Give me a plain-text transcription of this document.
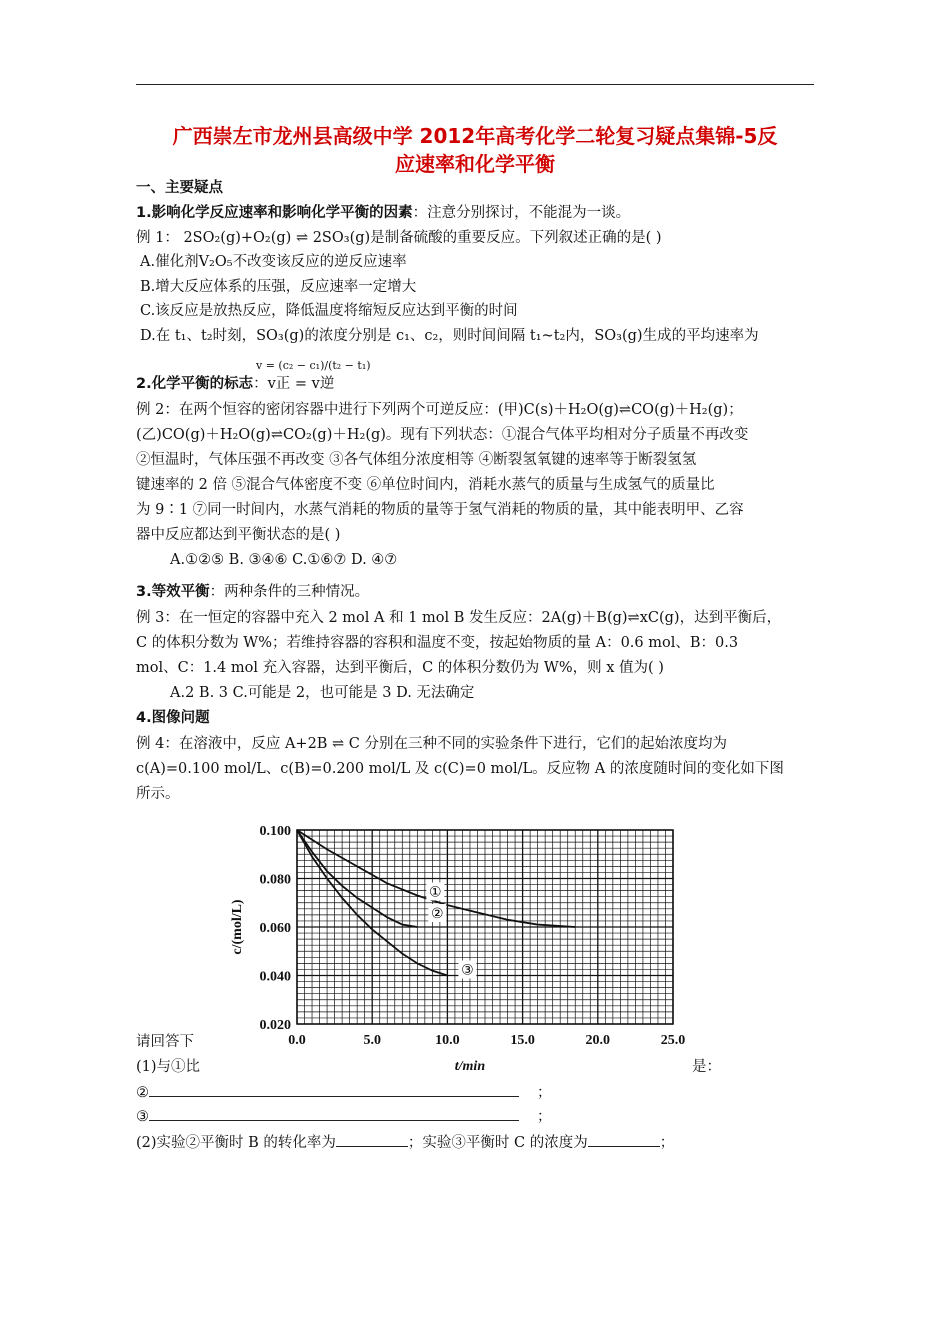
广西崇左市龙州县高级中学 2012年高考化学二轮复习疑点集锦-5反
应速率和化学平衡
一、主要疑点
1.影响化学反应速率和影响化学平衡的因素：注意分别探讨，不能混为一谈。
例 1： 2SO₂(g)+O₂(g) ⇌ 2SO₃(g)是制备硫酸的重要反应。下列叙述正确的是( )
A.催化剂V₂O₅不改变该反应的逆反应速率
B.增大反应体系的压强，反应速率一定增大
C.该反应是放热反应，降低温度将缩短反应达到平衡的时间
D.在 t₁、t₂时刻，SO₃(g)的浓度分别是 c₁、c₂，则时间间隔 t₁~t₂内，SO₃(g)生成的平均速率为
2.化学平衡的标志：v正 = v逆
v = (c₂ − c₁)/(t₂ − t₁)
例 2：在两个恒容的密闭容器中进行下列两个可逆反应：(甲)C(s)＋H₂O(g)⇌CO(g)＋H₂(g)；
(乙)CO(g)＋H₂O(g)⇌CO₂(g)＋H₂(g)。现有下列状态：①混合气体平均相对分子质量不再改变
②恒温时，气体压强不再改变 ③各气体组分浓度相等 ④断裂氢氧键的速率等于断裂氢氢
键速率的 2 倍 ⑤混合气体密度不变 ⑥单位时间内，消耗水蒸气的质量与生成氢气的质量比
为 9∶1 ⑦同一时间内，水蒸气消耗的物质的量等于氢气消耗的物质的量，其中能表明甲、乙容
器中反应都达到平衡状态的是( )
A.①②⑤ B. ③④⑥ C.①⑥⑦ D. ④⑦
3.等效平衡：两种条件的三种情况。
例 3：在一恒定的容器中充入 2 mol A 和 1 mol B 发生反应：2A(g)＋B(g)⇌xC(g)，达到平衡后，
C 的体积分数为 W%；若维持容器的容积和温度不变，按起始物质的量 A：0.6 mol、B：0.3
mol、C：1.4 mol 充入容器，达到平衡后，C 的体积分数仍为 W%，则 x 值为( )
A.2 B. 3 C.可能是 2，也可能是 3 D. 无法确定
4.图像问题
例 4：在溶液中，反应 A+2B ⇌ C 分别在三种不同的实验条件下进行，它们的起始浓度均为
c(A)=0.100 mol/L、c(B)=0.200 mol/L 及 c(C)=0 mol/L。反应物 A 的浓度随时间的变化如下图
所示。
0.020
0.040
0.060
0.080
0.100
0.0	5.0	10.0	15.0	20.0	25.0
t/min
c/(mol/L)
①
②
③
请回答下
(1)与①比	是：
②	；
③	；
(2)实验②平衡时 B 的转化率为	；实验③平衡时 C 的浓度为	；
